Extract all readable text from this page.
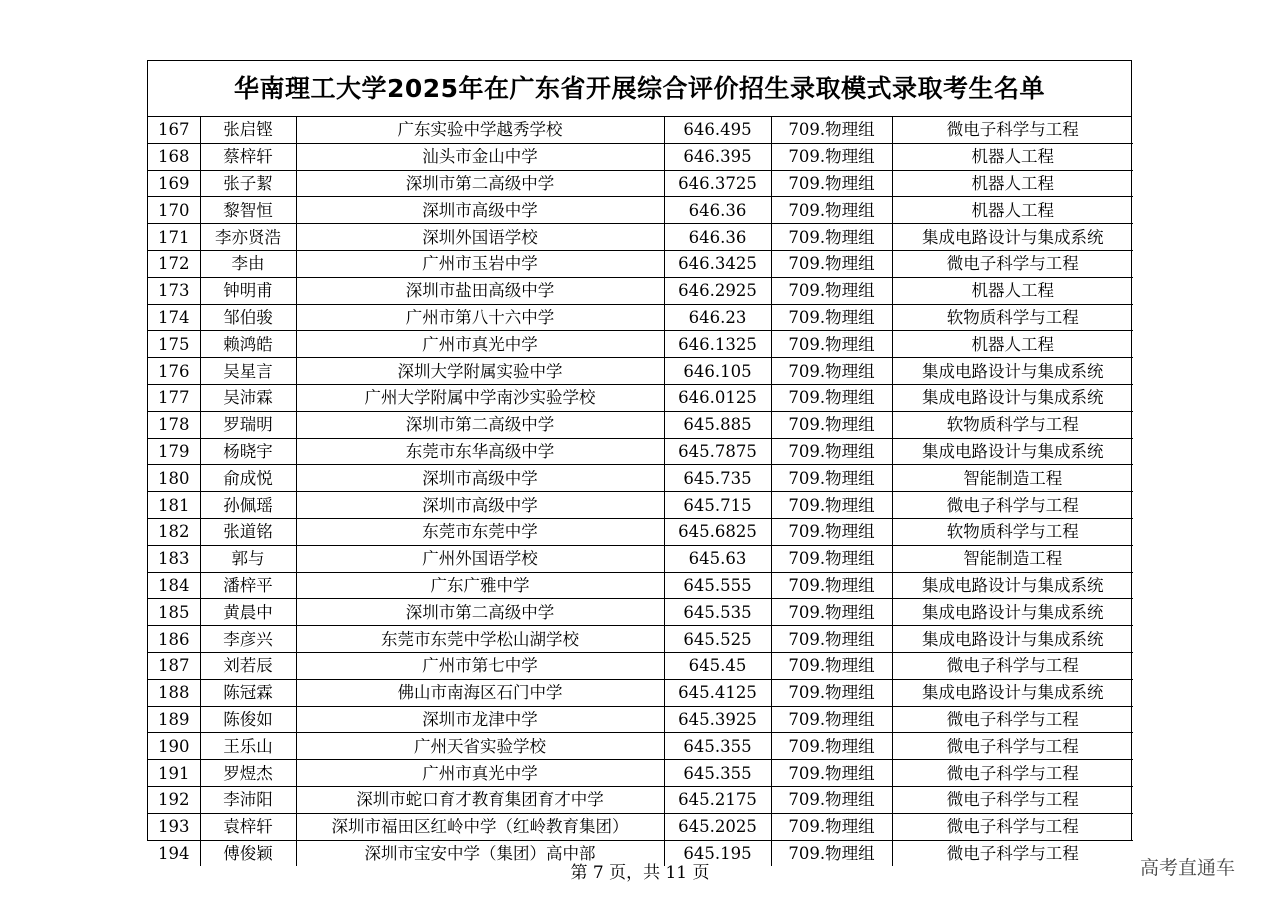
华南理工大学2025年在广东省开展综合评价招生录取模式录取考生名单
167	张启铿	广东实验中学越秀学校	646.495	709.物理组	微电子科学与工程
168	蔡梓轩	汕头市金山中学	646.395	709.物理组	机器人工程
169	张子絜	深圳市第二高级中学	646.3725	709.物理组	机器人工程
170	黎智恒	深圳市高级中学	646.36	709.物理组	机器人工程
171	李亦贤浩	深圳外国语学校	646.36	709.物理组	集成电路设计与集成系统
172	李由	广州市玉岩中学	646.3425	709.物理组	微电子科学与工程
173	钟明甫	深圳市盐田高级中学	646.2925	709.物理组	机器人工程
174	邹伯骏	广州市第八十六中学	646.23	709.物理组	软物质科学与工程
175	赖鸿皓	广州市真光中学	646.1325	709.物理组	机器人工程
176	吴星言	深圳大学附属实验中学	646.105	709.物理组	集成电路设计与集成系统
177	吴沛霖	广州大学附属中学南沙实验学校	646.0125	709.物理组	集成电路设计与集成系统
178	罗瑞明	深圳市第二高级中学	645.885	709.物理组	软物质科学与工程
179	杨晓宇	东莞市东华高级中学	645.7875	709.物理组	集成电路设计与集成系统
180	俞成悦	深圳市高级中学	645.735	709.物理组	智能制造工程
181	孙佩瑶	深圳市高级中学	645.715	709.物理组	微电子科学与工程
182	张道铭	东莞市东莞中学	645.6825	709.物理组	软物质科学与工程
183	郭与	广州外国语学校	645.63	709.物理组	智能制造工程
184	潘梓平	广东广雅中学	645.555	709.物理组	集成电路设计与集成系统
185	黄晨中	深圳市第二高级中学	645.535	709.物理组	集成电路设计与集成系统
186	李彦兴	东莞市东莞中学松山湖学校	645.525	709.物理组	集成电路设计与集成系统
187	刘若辰	广州市第七中学	645.45	709.物理组	微电子科学与工程
188	陈冠霖	佛山市南海区石门中学	645.4125	709.物理组	集成电路设计与集成系统
189	陈俊如	深圳市龙津中学	645.3925	709.物理组	微电子科学与工程
190	王乐山	广州天省实验学校	645.355	709.物理组	微电子科学与工程
191	罗煜杰	广州市真光中学	645.355	709.物理组	微电子科学与工程
192	李沛阳	深圳市蛇口育才教育集团育才中学	645.2175	709.物理组	微电子科学与工程
193	袁梓轩	深圳市福田区红岭中学（红岭教育集团）	645.2025	709.物理组	微电子科学与工程
194	傅俊颖	深圳市宝安中学（集团）高中部	645.195	709.物理组	微电子科学与工程
第 7 页，共 11 页	高考直通车
